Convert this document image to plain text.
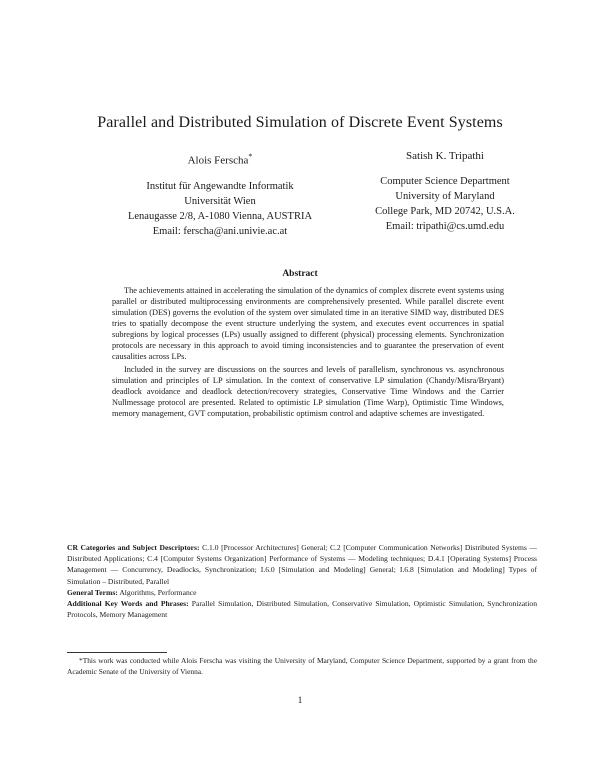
Parallel and Distributed Simulation of Discrete Event Systems
Alois Ferscha*
Institut für Angewandte Informatik
Universität Wien
Lenaugasse 2/8, A-1080 Vienna, AUSTRIA
Email: ferscha@ani.univie.ac.at
Satish K. Tripathi
Computer Science Department
University of Maryland
College Park, MD 20742, U.S.A.
Email: tripathi@cs.umd.edu
Abstract

The achievements attained in accelerating the simulation of the dynamics of complex discrete event systems using parallel or distributed multiprocessing environments are comprehensively presented. While parallel discrete event simulation (DES) governs the evolution of the system over simulated time in an iterative SIMD way, distributed DES tries to spatially decompose the event structure underlying the system, and executes event occurrences in spatial subregions by logical processes (LPs) usually assigned to different (physical) processing elements. Synchronization protocols are necessary in this approach to avoid timing inconsistencies and to guarantee the preservation of event causalities across LPs.

Included in the survey are discussions on the sources and levels of parallelism, synchronous vs. asynchronous simulation and principles of LP simulation. In the context of conservative LP simulation (Chandy/Misra/Bryant) deadlock avoidance and deadlock detection/recovery strategies, Conservative Time Windows and the Carrier Nullmessage protocol are presented. Related to optimistic LP simulation (Time Warp), Optimistic Time Windows, memory management, GVT computation, probabilistic optimism control and adaptive schemes are investigated.

CR Categories and Subject Descriptors: C.1.0 [Processor Architectures] General; C.2 [Computer Communication Networks] Distributed Systems — Distributed Applications; C.4 [Computer Systems Organization] Performance of Systems — Modeling techniques; D.4.1 [Operating Systems] Process Management — Concurrency, Deadlocks, Synchronization; I.6.0 [Simulation and Modeling] General; I.6.8 [Simulation and Modeling] Types of Simulation – Distributed, Parallel

General Terms: Algorithms, Performance

Additional Key Words and Phrases: Parallel Simulation, Distributed Simulation, Conservative Simulation, Optimistic Simulation, Synchronization Protocols, Memory Management

*This work was conducted while Alois Ferscha was visiting the University of Maryland, Computer Science Department, supported by a grant from the Academic Senate of the University of Vienna.
1
